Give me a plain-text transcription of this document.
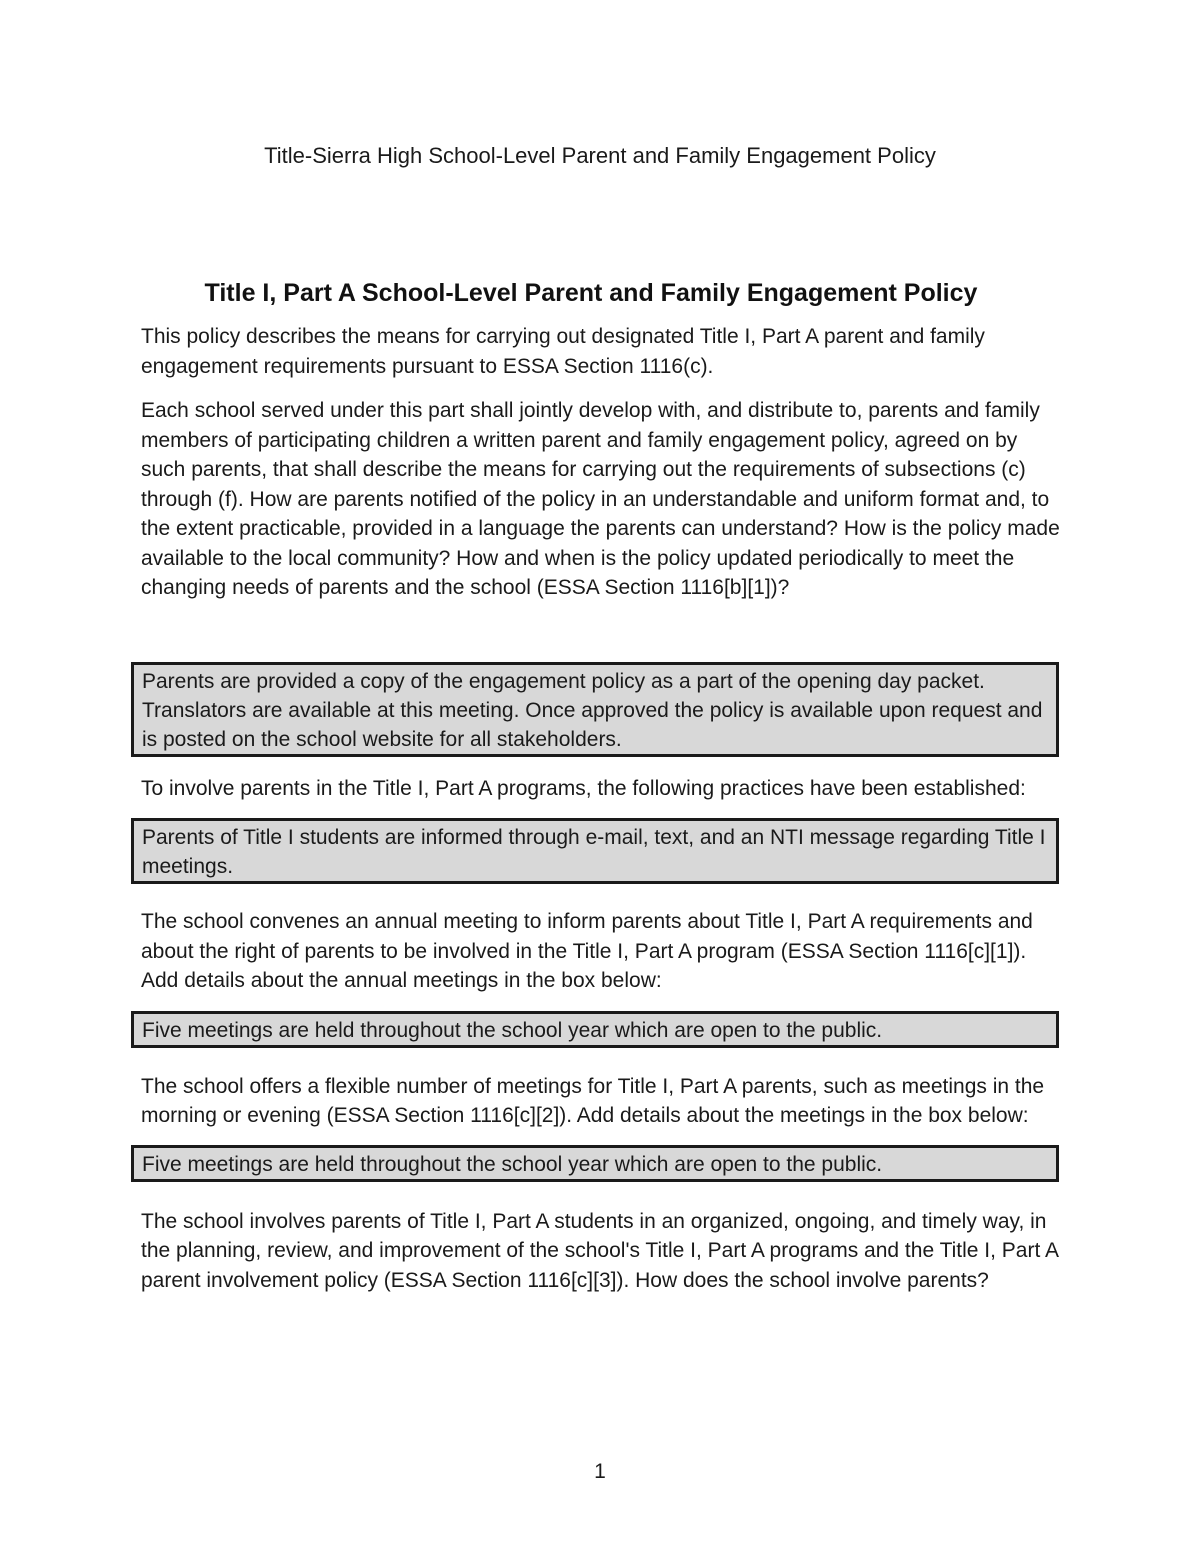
Title-Sierra High School-Level Parent and Family Engagement Policy
Title I, Part A School-Level Parent and Family Engagement Policy

This policy describes the means for carrying out designated Title I, Part A parent and family engagement requirements pursuant to ESSA Section 1116(c).

Each school served under this part shall jointly develop with, and distribute to, parents and family members of participating children a written parent and family engagement policy, agreed on by such parents, that shall describe the means for carrying out the requirements of subsections (c) through (f). How are parents notified of the policy in an understandable and uniform format and, to the extent practicable, provided in a language the parents can understand? How is the policy made available to the local community? How and when is the policy updated periodically to meet the changing needs of parents and the school (ESSA Section 1116[b][1])?

Parents are provided a copy of the engagement policy as a part of the opening day packet. Translators are available at this meeting. Once approved the policy is available upon request and is posted on the school website for all stakeholders.

To involve parents in the Title I, Part A programs, the following practices have been established:

Parents of Title I students are informed through e-mail, text, and an NTI message regarding Title I meetings.

The school convenes an annual meeting to inform parents about Title I, Part A requirements and about the right of parents to be involved in the Title I, Part A program (ESSA Section 1116[c][1]). Add details about the annual meetings in the box below:

Five meetings are held throughout the school year which are open to the public.

The school offers a flexible number of meetings for Title I, Part A parents, such as meetings in the morning or evening (ESSA Section 1116[c][2]). Add details about the meetings in the box below:

Five meetings are held throughout the school year which are open to the public.

The school involves parents of Title I, Part A students in an organized, ongoing, and timely way, in the planning, review, and improvement of the school's Title I, Part A programs and the Title I, Part A parent involvement policy (ESSA Section 1116[c][3]). How does the school involve parents?

1
